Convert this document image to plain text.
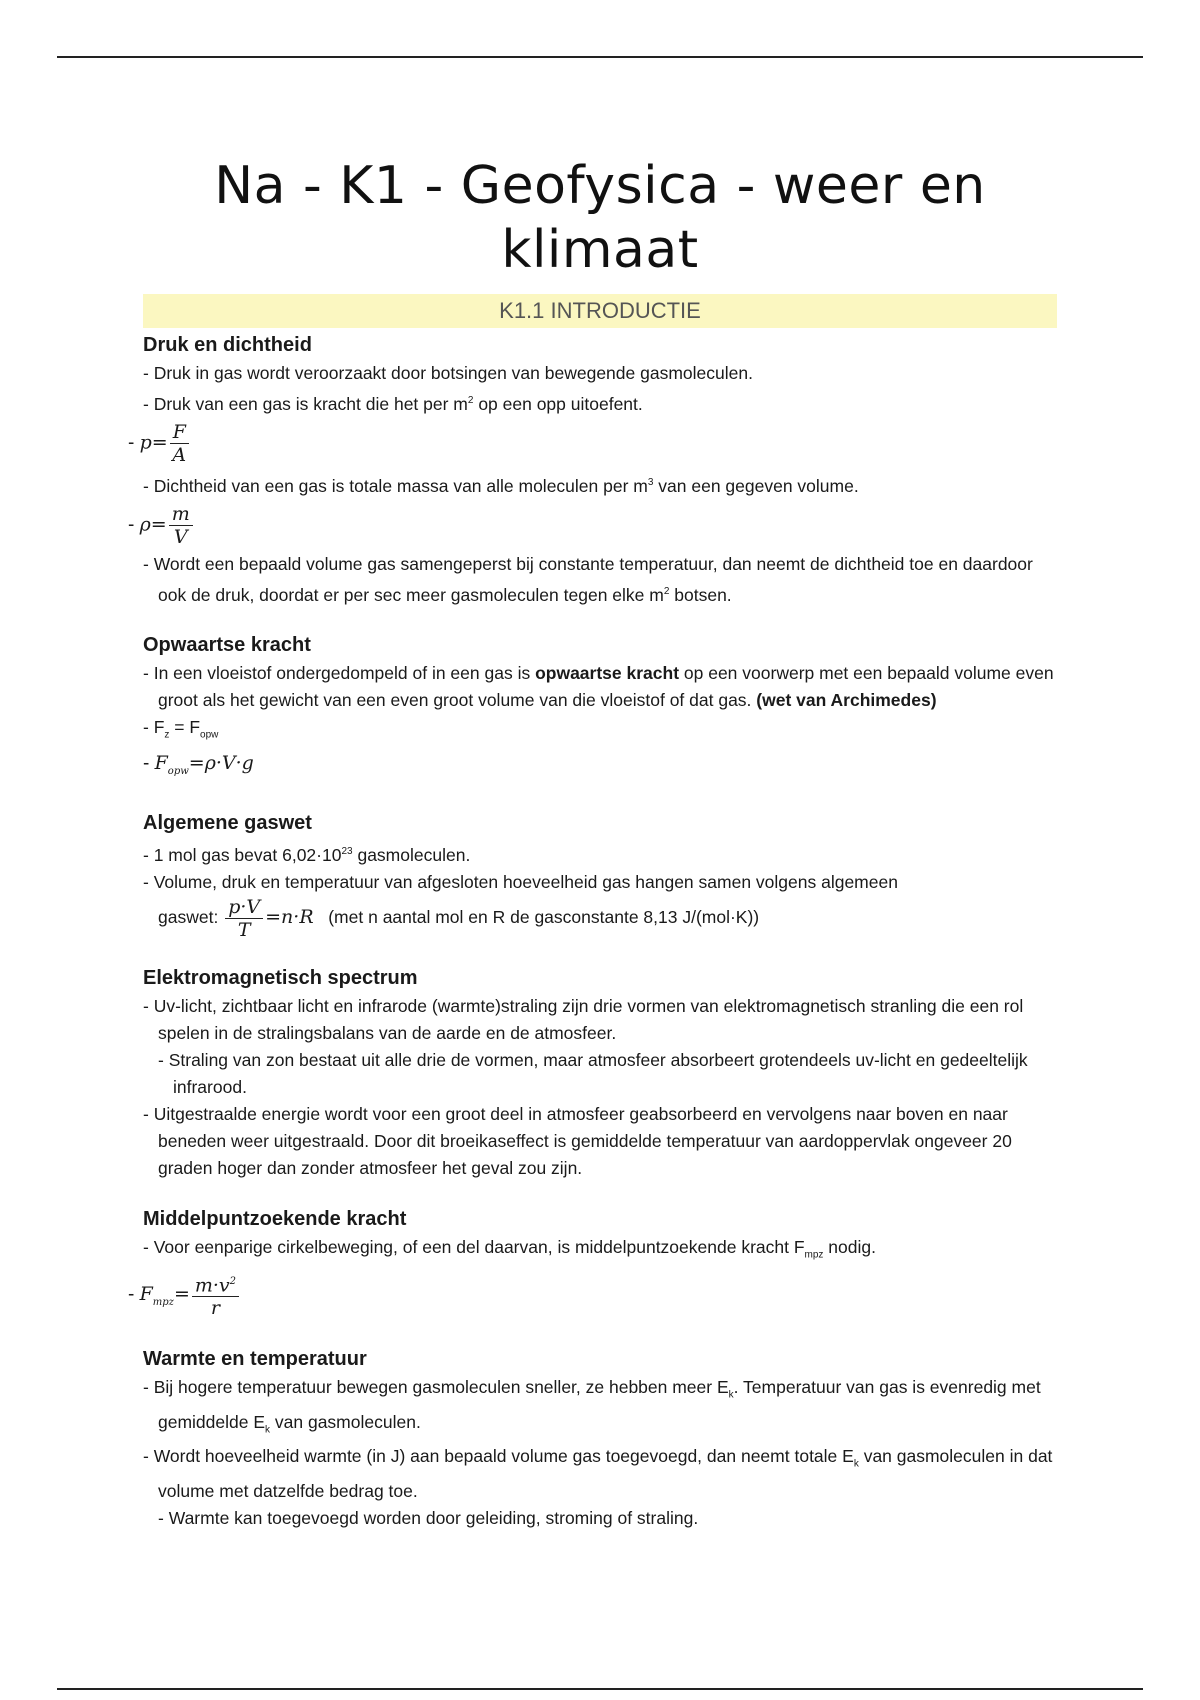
Na - K1 - Geofysica - weer en klimaat
K1.1 INTRODUCTIE
Druk en dichtheid

- Druk in gas wordt veroorzaakt door botsingen van bewegende gasmoleculen.

- Druk van een gas is kracht die het per $m^2$ op een opp uitoefent.

- $p= \frac{F}{A}$

- Dichtheid van een gas is totale massa van alle moleculen per $m^3$ van een gegeven volume.

- $\rho= \frac{m}{V}$

- Wordt een bepaald volume gas samengeperst bij constante temperatuur, dan neemt de dichtheid toe en daardoor ook de druk, doordat er per sec meer gasmoleculen tegen elke $m^2$ botsen.

Opwaartse kracht

- In een vloeistof ondergedompeld of in een gas is opwaartse kracht op een voorwerp met een bepaald volume even groot als het gewicht van een even groot volume van die vloeistof of dat gas. (wet van Archimedes)

- $F_z = F_{opw}$

- $F_{opw}=\rho\cdot V\cdot g$

Algemene gaswet

- 1 mol gas bevat $6,02\cdot 10^{23}$ gasmoleculen.

- Volume, druk en temperatuur van afgesloten hoeveelheid gas hangen samen volgens algemeen
gaswet: $\frac{p\cdot V}{T} =n\cdot R$ (met n aantal mol en R de gasconstante 8,13 J/(mol·K))

Elektromagnetisch spectrum

- Uv-licht, zichtbaar licht en infrarode (warmte)straling zijn drie vormen van elektromagnetisch stranling die een rol spelen in de stralingsbalans van de aarde en de atmosfeer.

- Straling van zon bestaat uit alle drie de vormen, maar atmosfeer absorbeert grotendeels uv-licht en gedeeltelijk infrarood.

- Uitgestraalde energie wordt voor een groot deel in atmosfeer geabsorbeerd en vervolgens naar boven en naar beneden weer uitgestraald. Door dit broeikaseffect is gemiddelde temperatuur van aardoppervlak ongeveer 20 graden hoger dan zonder atmosfeer het geval zou zijn.

Middelpuntzoekende kracht

- Voor eenparige cirkelbeweging, of een del daarvan, is middelpuntzoekende kracht $F_{mpz}$ nodig.

- $F_{mpz}= \frac{m\cdot v^2}{r}$

Warmte en temperatuur

- Bij hogere temperatuur bewegen gasmoleculen sneller, ze hebben meer $E_k$. Temperatuur van gas is evenredig met gemiddelde $E_k$ van gasmoleculen.

- Wordt hoeveelheid warmte (in J) aan bepaald volume gas toegevoegd, dan neemt totale $E_k$ van gasmoleculen in dat volume met datzelfde bedrag toe.

- Warmte kan toegevoegd worden door geleiding, stroming of straling.
